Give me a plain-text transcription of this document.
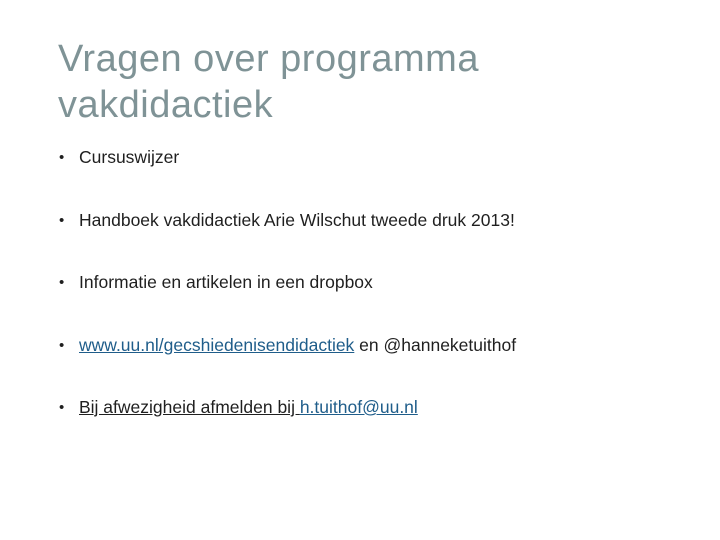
Vragen over programma vakdidactiek
• Cursuswijzer
• Handboek vakdidactiek Arie Wilschut tweede druk 2013!
• Informatie en artikelen in een dropbox
• www.uu.nl/gecshiedenisendidactiek en @hanneketuithof
• Bij afwezigheid afmelden bij h.tuithof@uu.nl
